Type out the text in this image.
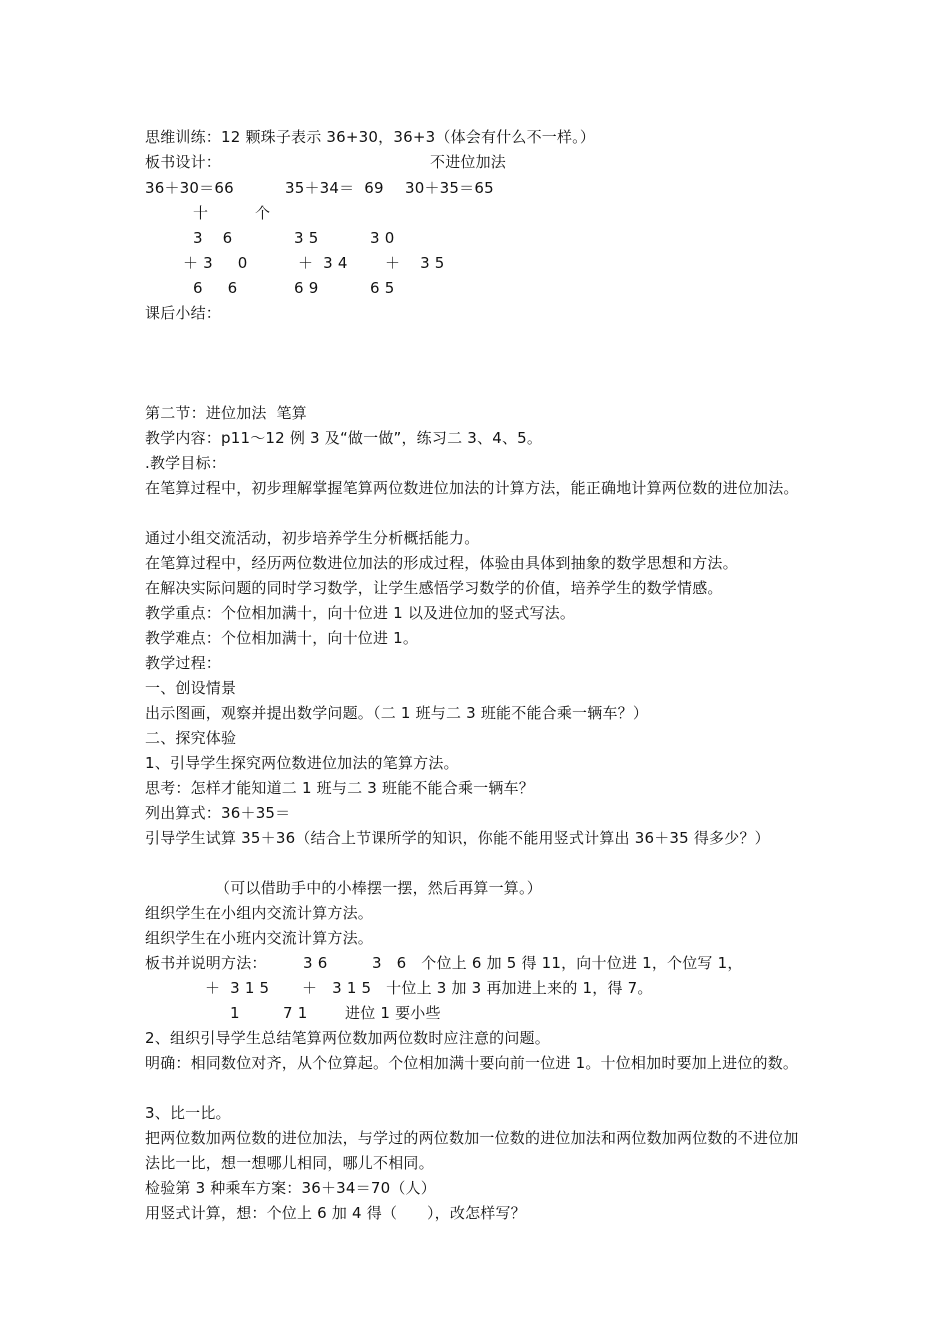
思维训练：12 颗珠子表示 36+30，36+3（体会有什么不一样。）
板书设计：	不进位加法
36＋30＝66	35＋34＝  69 30＋35＝65
十	个
3    6	3 5	3 0
＋ 3     0	＋  3 4 ＋    3 5
6     6	6 9	6 5
课后小结：
第二节：进位加法  笔算
教学内容：p11～12 例 3 及“做一做”，练习二 3、4、5。
.教学目标：
在笔算过程中，初步理解掌握笔算两位数进位加法的计算方法，能正确地计算两位数的进位加法。
通过小组交流活动，初步培养学生分析概括能力。
在笔算过程中，经历两位数进位加法的形成过程，体验由具体到抽象的数学思想和方法。
在解决实际问题的同时学习数学，让学生感悟学习数学的价值，培养学生的数学情感。
教学重点：个位相加满十，向十位进 1 以及进位加的竖式写法。
教学难点：个位相加满十，向十位进 1。
教学过程：
一、创设情景
出示图画，观察并提出数学问题。（二 1 班与二 3 班能不能合乘一辆车？）
二、探究体验
1、引导学生探究两位数进位加法的笔算方法。
思考：怎样才能知道二 1 班与二 3 班能不能合乘一辆车？
列出算式：36＋35＝
引导学生试算 35＋36（结合上节课所学的知识，你能不能用竖式计算出 36＋35 得多少？）
（可以借助手中的小棒摆一摆，然后再算一算。）
组织学生在小组内交流计算方法。
组织学生在小班内交流计算方法。
板书并说明方法： 3 6	3   6   个位上 6 加 5 得 11，向十位进 1，个位写 1，
＋  3 1 5 ＋   3 1 5   十位上 3 加 3 再加进上来的 1，得 7。
1	7 1	进位 1 要小些
2、组织引导学生总结笔算两位数加两位数时应注意的问题。
明确：相同数位对齐，从个位算起。个位相加满十要向前一位进 1。十位相加时要加上进位的数。
3、比一比。
把两位数加两位数的进位加法，与学过的两位数加一位数的进位加法和两位数加两位数的不进位加法比一比，想一想哪儿相同，哪儿不相同。
检验第 3 种乘车方案：36＋34＝70（人）
用竖式计算，想：个位上 6 加 4 得（      ），改怎样写？
